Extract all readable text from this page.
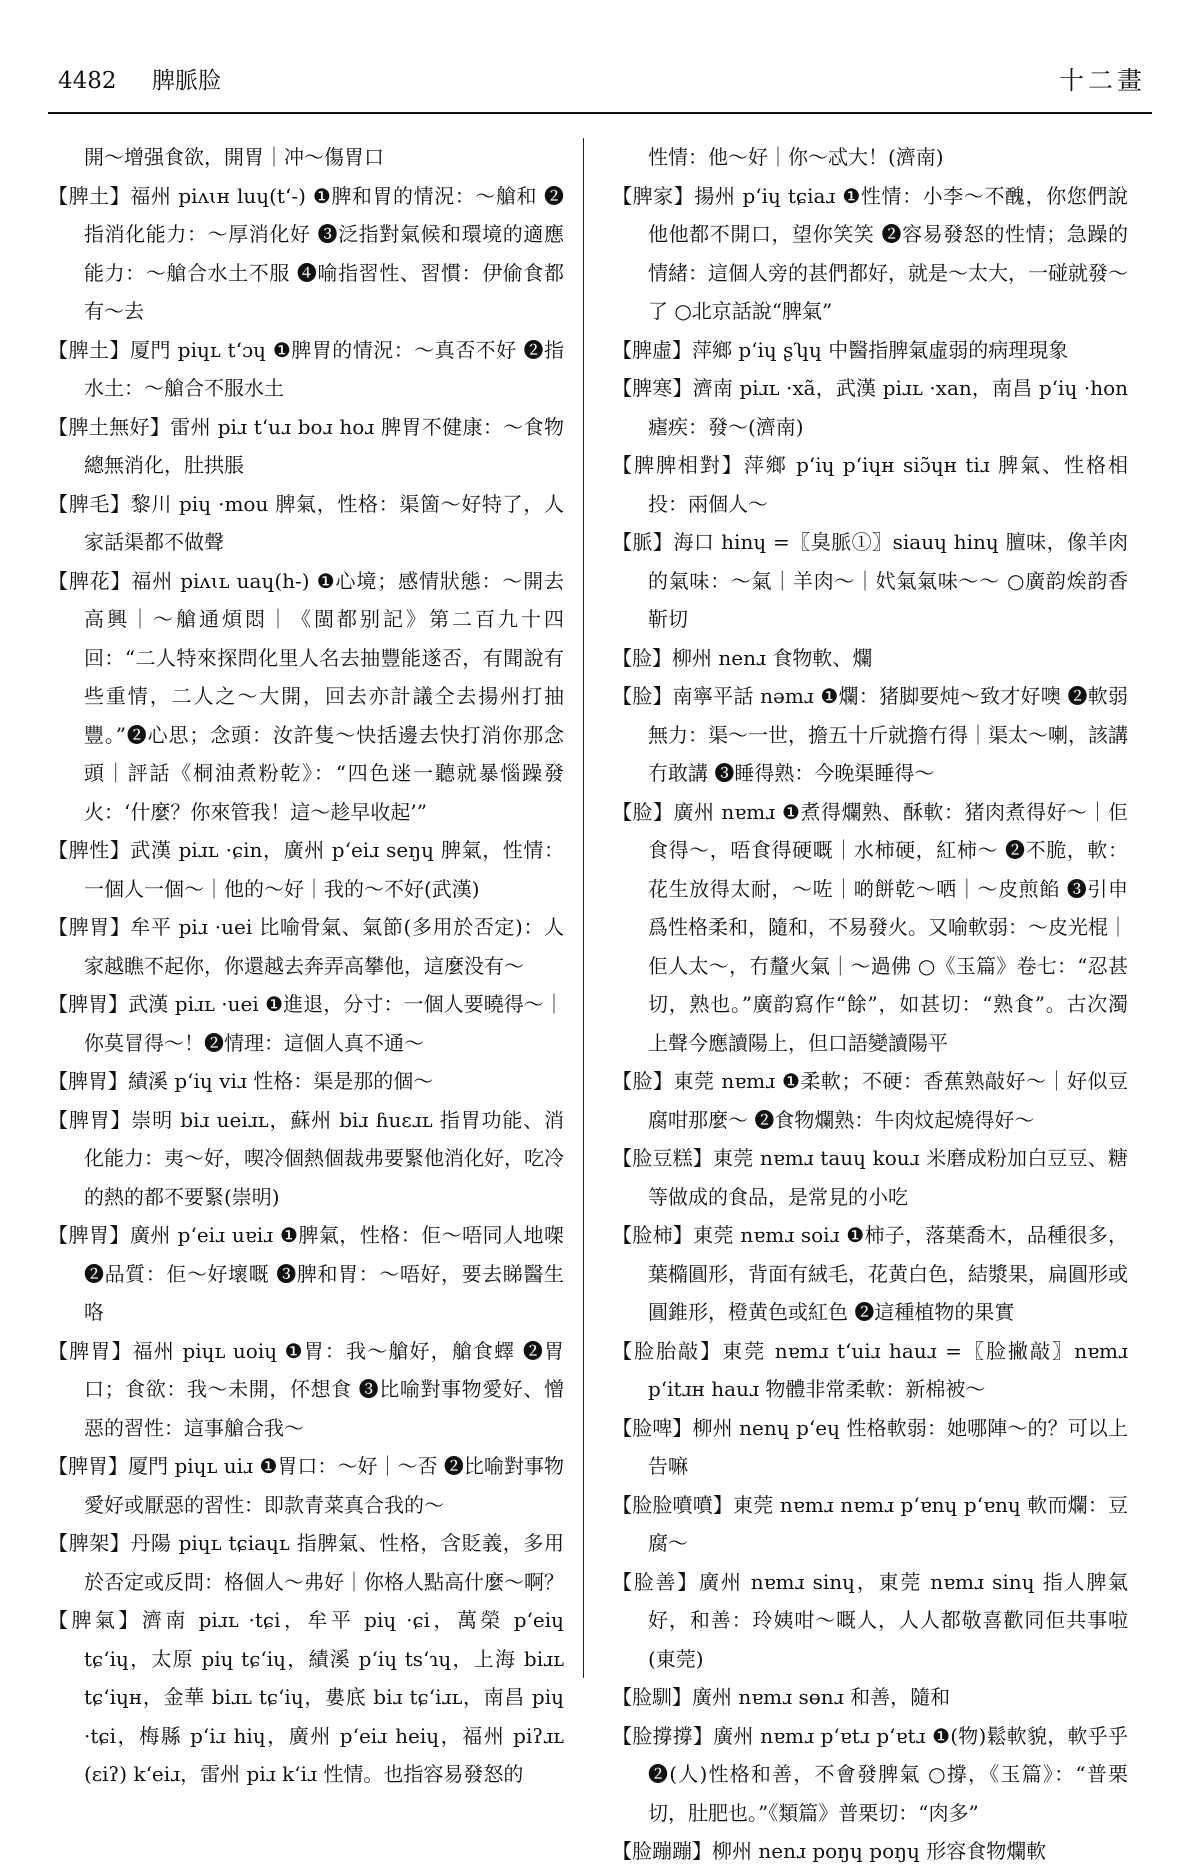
4482 脾脈脸	十二畫

開～增强食欲，開胃｜冲～傷胃口

【脾土】福州 piʌɩʜ luɥ(tʻ-) ❶脾和胃的情況：～艙和 ❷指消化能力：～厚消化好 ❸泛指對氣候和環境的適應能力：～艙合水土不服 ❹喻指習性、習慣：伊偷食都有～去

【脾土】厦門 piɥʟ tʻɔɥ ❶脾胃的情況：～真否不好 ❷指水土：～艙合不服水土

【脾土無好】雷州 piɹ tʻuɹ boɹ hoɹ 脾胃不健康：～食物總無消化，肚拱脹

【脾毛】黎川 piɥ ·mou 脾氣，性格：渠箇～好特了，人家話渠都不做聲

【脾花】福州 piʌɩʟ uaɥ(h-) ❶心境；感情狀態：～開去高興｜～艙通煩悶｜《閩都别記》第二百九十四回：“二人特來探問化里人名去抽豐能遂否，有聞說有些重情，二人之～大開，回去亦計議仝去揚州打抽豐。”❷心思；念頭：汝許隻～快括邊去快打消你那念頭｜評話《桐油煮粉乾》：“四色迷一聽就暴惱躁發火：‘什麼？你來管我！這～趁早收起’”

【脾性】武漢 piɹʟ ·ɕin，廣州 pʻeiɹ seŋɥ 脾氣，性情：一個人一個～｜他的～好｜我的～不好(武漢)

【脾胃】牟平 piɹ ·uei 比喻骨氣、氣節(多用於否定)：人家越瞧不起你，你還越去奔弄高攀他，這麼没有～

【脾胃】武漢 piɹʟ ·uei ❶進退，分寸：一個人要曉得～｜你莫冒得～！❷情理：這個人真不通～

【脾胃】績溪 pʻiɥ viɹ 性格：渠是那的個～

【脾胃】崇明 biɹ ueiɹʟ，蘇州 biɹ ɦuɛɹʟ 指胃功能、消化能力：夷～好，喫冷個熱個裁弗要緊他消化好，吃冷的熱的都不要緊(崇明)

【脾胃】廣州 pʻeiɹ uɐiɹ ❶脾氣，性格：佢～唔同人地㗎 ❷品質：佢～好壞嘅 ❸脾和胃：～唔好，要去睇醫生咯

【脾胃】福州 piɥʟ uoiɥ ❶胃：我～艙好，艙食蠌 ❷胃口；食欲：我～未開，伓想食 ❸比喻對事物愛好、憎惡的習性：這事艙合我～

【脾胃】厦門 piɥʟ uiɹ ❶胃口：～好｜～否 ❷比喻對事物愛好或厭惡的習性：即款青菜真合我的～

【脾架】丹陽 piɥʟ tɕiaɥʟ 指脾氣、性格，含貶義，多用於否定或反問：格個人～弗好｜你格人點高什麼～啊？

【脾氣】濟南 piɹʟ ·tɕi，牟平 piɥ ·ɕi，萬榮 pʻeiɥ tɕʻiɥ，太原 piɥ tɕʻiɥ，績溪 pʻiɥ tsʻɿɥ，上海 biɹʟ tɕʻiɥʜ，金華 biɹʟ tɕʻiɥ，婁底 biɹ tɕʻiɹʟ，南昌 piɥ ·tɕi，梅縣 pʻiɹ hiɥ，廣州 pʻeiɹ heiɥ，福州 piʔɹʟ (ɛiʔ) kʻeiɹ，雷州 piɹ kʻiɹ 性情。也指容易發怒的

性情：他～好｜你～忒大！(濟南)

【脾家】揚州 pʻiɥ tɕiaɹ ❶性情：小李～不醜，你您們說他他都不開口，望你笑笑 ❷容易發怒的性情；急躁的情緒：這個人旁的甚們都好，就是～太大，一碰就發～了 ○北京話說“脾氣”

【脾虛】萍鄉 pʻiɥ ʂʮɥ 中醫指脾氣虛弱的病理現象

【脾寒】濟南 piɹʟ ·xã，武漢 piɹʟ ·xan，南昌 pʻiɥ ·hon 瘧疾：發～(濟南)

【脾脾相對】萍鄉 pʻiɥ pʻiɥʜ siɔ̃ɥʜ tiɹ 脾氣、性格相投：兩個人～

【脈】海口 hinɥ =〖臭脈①〗siauɥ hinɥ 膻味，像羊肉的氣味：～氣｜羊肉～｜㚤氣氣味～～ ○廣韵㶼韵香靳切

【脸】柳州 nenɹ 食物軟、爛

【脸】南寧平話 nəmɹ ❶爛：猪脚要炖～致才好噢 ❷軟弱無力：渠～一世，擔五十斤就擔冇得｜渠太～喇，該講冇敢講 ❸睡得熟：今晚渠睡得～

【脸】廣州 nɐmɹ ❶煮得爛熟、酥軟：猪肉煮得好～｜佢食得～，唔食得硬嘅｜水柿硬，紅柿～ ❷不脆，軟：花生放得太耐，～咗｜啲餅乾～哂｜～皮煎餡 ❸引申爲性格柔和，隨和，不易發火。又喻軟弱：～皮光棍｜佢人太～，冇釐火氣｜～過佛 ○《玉篇》卷七：“忍甚切，熟也。”廣韵寫作“餘”，如甚切：“熟食”。古次濁上聲今應讀陽上，但口語變讀陽平

【脸】東莞 nɐmɹ ❶柔軟；不硬：香蕉熟敲好～｜好似豆腐咁那麼～ ❷食物爛熟：牛肉炆起燒得好～

【脸豆糕】東莞 nɐmɹ tauɥ kouɹ 米磨成粉加白豆豆、糖等做成的食品，是常見的小吃

【脸柿】東莞 nɐmɹ soiɹ ❶柿子，落葉喬木，品種很多，葉橢圓形，背面有絨毛，花黄白色，結漿果，扁圓形或圓錐形，橙黄色或紅色 ❷這種植物的果實

【脸胎敲】東莞 nɐmɹ tʻuiɹ hauɹ =〖脸撇敲〗nɐmɹ pʻitɹʜ hauɹ 物體非常柔軟：新棉被～

【脸啤】柳州 nenɥ pʻeɥ 性格軟弱：她哪陣～的？可以上告嘛

【脸脸噴噴】東莞 nɐmɹ nɐmɹ pʻɐnɥ pʻɐnɥ 軟而爛：豆腐～

【脸善】廣州 nɐmɹ sinɥ，東莞 nɐmɹ sinɥ 指人脾氣好，和善：玲姨咁～嘅人，人人都敬喜歡同佢共事啦(東莞)

【脸馴】廣州 nɐmɹ sɵnɹ 和善，隨和

【脸撐撐】廣州 nɐmɹ pʻɐtɹ pʻɐtɹ ❶(物)鬆軟貌，軟乎乎 ❷(人)性格和善，不會發脾氣 ○撐，《玉篇》：“普栗切，肚肥也。”《類篇》普栗切：“肉多”

【脸蹦蹦】柳州 nenɹ poŋɥ poŋɥ 形容食物爛軟
